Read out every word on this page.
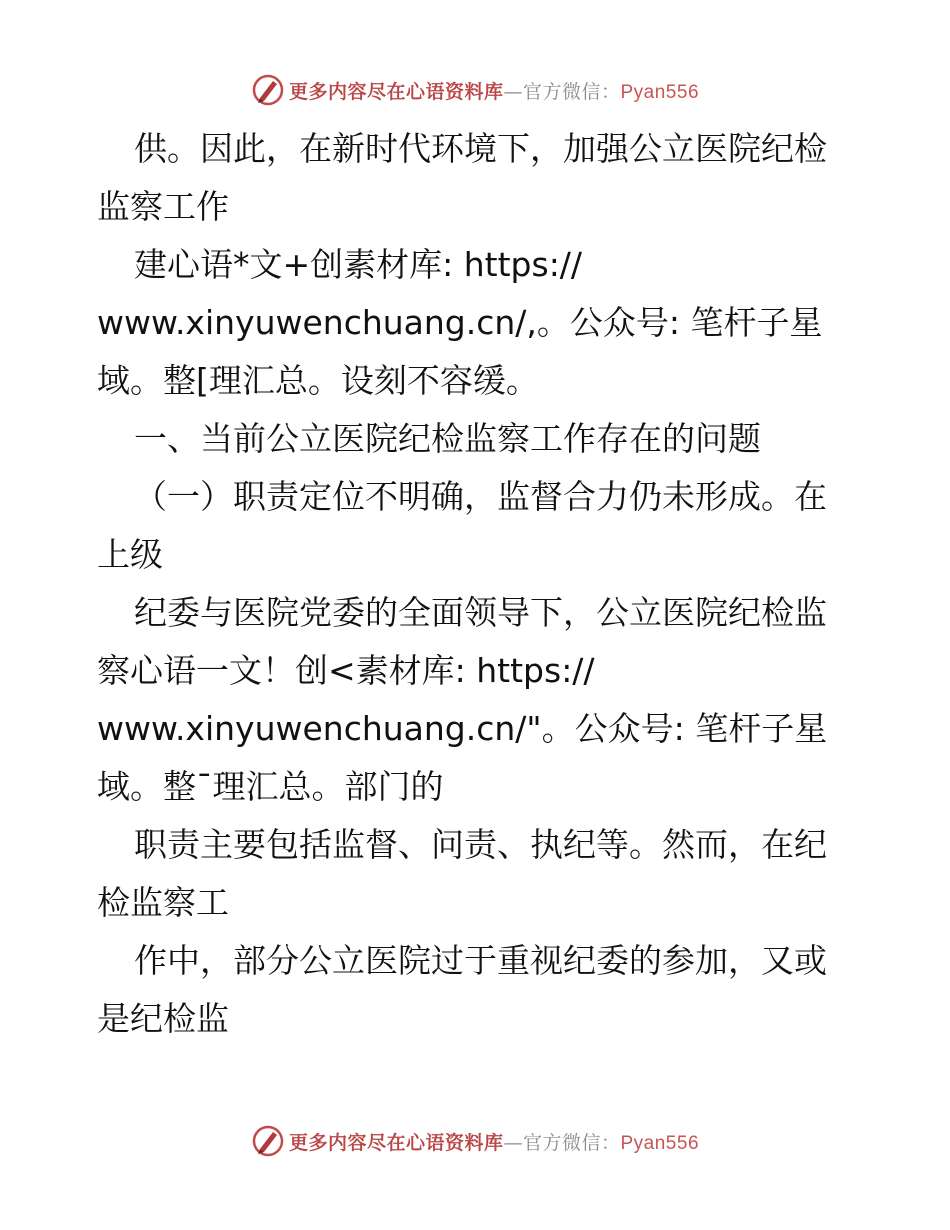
更多内容尽在心语资料库—官方微信：Pyan556

供。因此，在新时代环境下，加强公立医院纪检

监察工作

建心语*文+创素材库: https://

www.xinyuwenchuang.cn/,。公众号: 笔杆子星

域。整[理汇总。设刻不容缓。

一、当前公立医院纪检监察工作存在的问题

（一）职责定位不明确，监督合力仍未形成。在

上级

纪委与医院党委的全面领导下，公立医院纪检监

察心语一文！创<素材库: https://

www.xinyuwenchuang.cn/"。公众号: 笔杆子星

域。整¯理汇总。部门的

职责主要包括监督、问责、执纪等。然而，在纪

检监察工

作中，部分公立医院过于重视纪委的参加，又或

是纪检监

更多内容尽在心语资料库—官方微信：Pyan556
